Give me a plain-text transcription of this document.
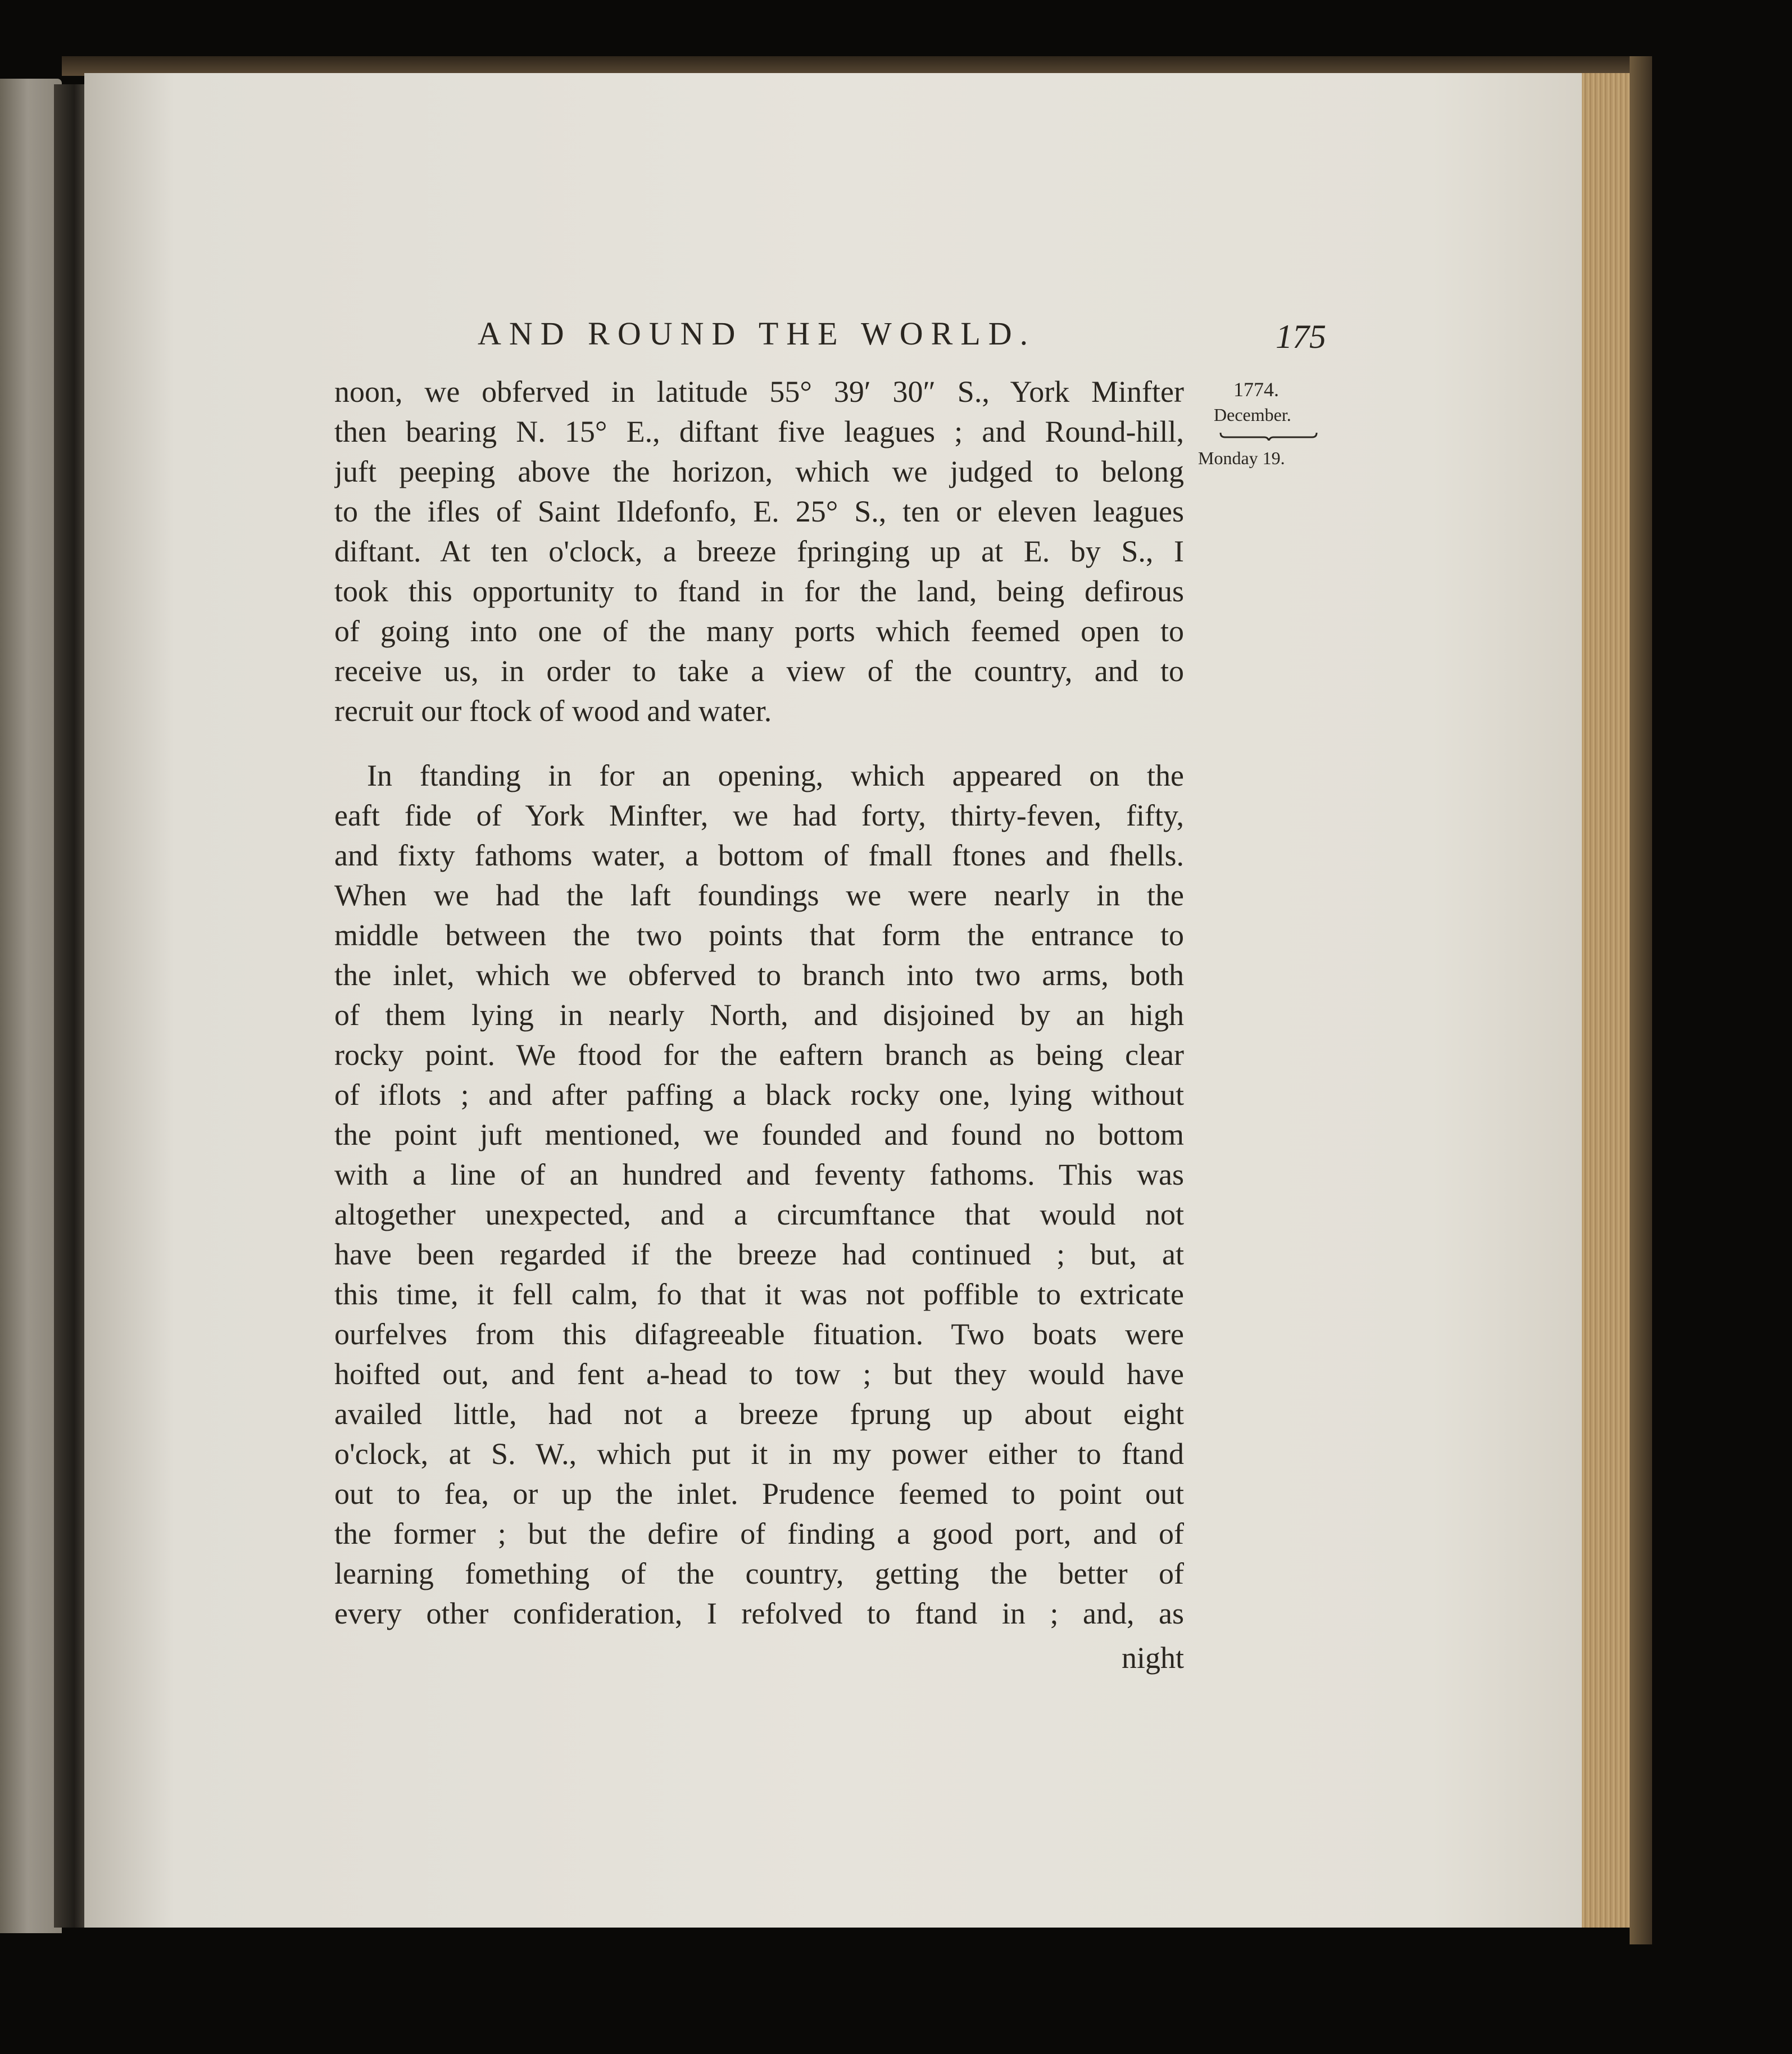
AND ROUND THE WORLD.	175
1774.
December.
Monday 19.
noon, we obferved in latitude 55° 39′ 30″ S., York Minfter
then bearing N. 15° E., diftant five leagues ; and Round-hill,
juft peeping above the horizon, which we judged to belong
to the ifles of Saint Ildefonfo, E. 25° S., ten or eleven leagues
diftant. At ten o'clock, a breeze fpringing up at E. by S., I
took this opportunity to ftand in for the land, being defirous
of going into one of the many ports which feemed open to
receive us, in order to take a view of the country, and to
recruit our ftock of wood and water.
In ftanding in for an opening, which appeared on the
eaft fide of York Minfter, we had forty, thirty-feven, fifty,
and fixty fathoms water, a bottom of fmall ftones and fhells.
When we had the laft foundings we were nearly in the
middle between the two points that form the entrance to
the inlet, which we obferved to branch into two arms, both
of them lying in nearly North, and disjoined by an high
rocky point. We ftood for the eaftern branch as being clear
of iflots ; and after paffing a black rocky one, lying without
the point juft mentioned, we founded and found no bottom
with a line of an hundred and feventy fathoms. This was
altogether unexpected, and a circumftance that would not
have been regarded if the breeze had continued ; but, at
this time, it fell calm, fo that it was not poffible to extricate
ourfelves from this difagreeable fituation. Two boats were
hoifted out, and fent a-head to tow ; but they would have
availed little, had not a breeze fprung up about eight
o'clock, at S. W., which put it in my power either to ftand
out to fea, or up the inlet. Prudence feemed to point out
the former ; but the defire of finding a good port, and of
learning fomething of the country, getting the better of
every other confideration, I refolved to ftand in ; and, as
night
